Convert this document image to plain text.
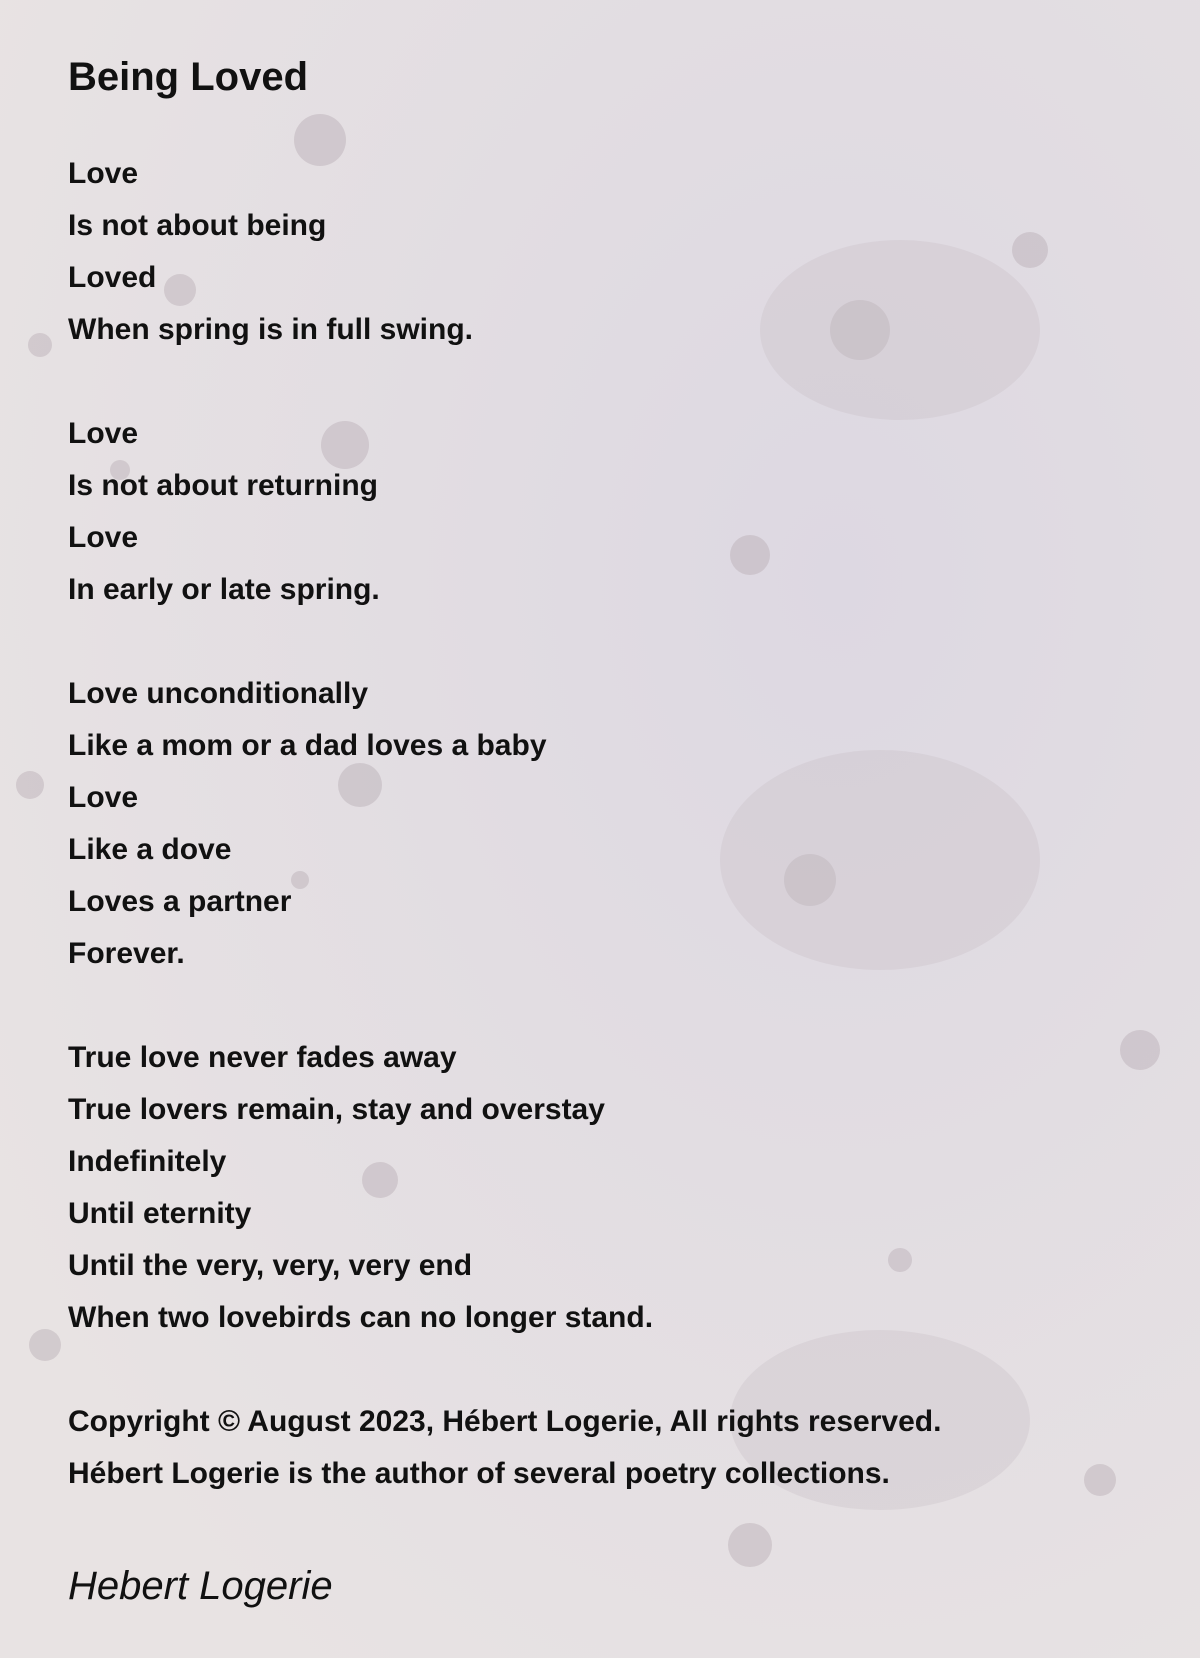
Being Loved
Love
Is not about being
Loved
When spring is in full swing.
Love
Is not about returning
Love
In early or late spring.
Love unconditionally
Like a mom or a dad loves a baby
Love
Like a dove
Loves a partner
Forever.
True love never fades away
True lovers remain, stay and overstay
Indefinitely
Until eternity
Until the very, very, very end
When two lovebirds can no longer stand.
Copyright © August 2023, Hébert Logerie, All rights reserved.
Hébert Logerie is the author of several poetry collections.
Hebert Logerie
